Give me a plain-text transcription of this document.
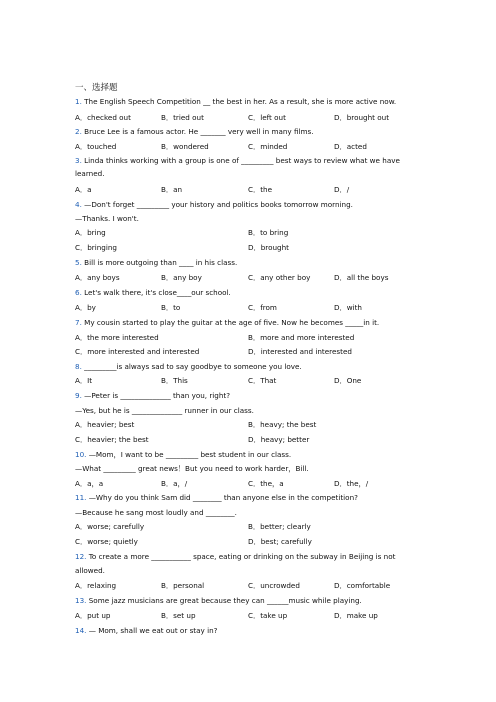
一、选择题
1. The English Speech Competition __ the best in her. As a result, she is more active now.
A．checked out	B．tried out	C．left out	D．brought out
2. Bruce Lee is a famous actor. He _______ very well in many films.
A．touched	B．wondered	C．minded	D．acted
3. Linda thinks working with a group is one of _________ best ways to review what we have
learned.
A．a	B．an	C．the	D．/
4. —Don't forget _________ your history and politics books tomorrow morning.
—Thanks. I won't.
A．bring	B．to bring
C．bringing	D．brought
5. Bill is more outgoing than ____ in his class.
A．any boys	B．any boy	C．any other boy	D．all the boys
6. Let's walk there, it's close____our school.
A．by	B．to	C．from	D．with
7. My cousin started to play the guitar at the age of five. Now he becomes _____in it.
A．the more interested	B．more and more interested
C．more interested and interested	D．interested and interested
8. _________is always sad to say goodbye to someone you love.
A．It	B．This	C．That	D．One
9. —Peter is ______________ than you, right?
—Yes, but he is ______________ runner in our class.
A．heavier; best	B．heavy; the best
C．heavier; the best	D．heavy; better
10. —Mom，I want to be _________ best student in our class.
—What _________ great news！But you need to work harder，Bill.
A．a，a	B．a，/	C．the，a	D．the，/
11. —Why do you think Sam did ________ than anyone else in the competition?
—Because he sang most loudly and ________.
A．worse; carefully	B．better; clearly
C．worse; quietly	D．best; carefully
12. To create a more ___________ space, eating or drinking on the subway in Beijing is not
allowed.
A．relaxing	B．personal	C．uncrowded	D．comfortable
13. Some jazz musicians are great because they can ______music while playing.
A．put up	B．set up	C．take up	D．make up
14. — Mom, shall we eat out or stay in?
